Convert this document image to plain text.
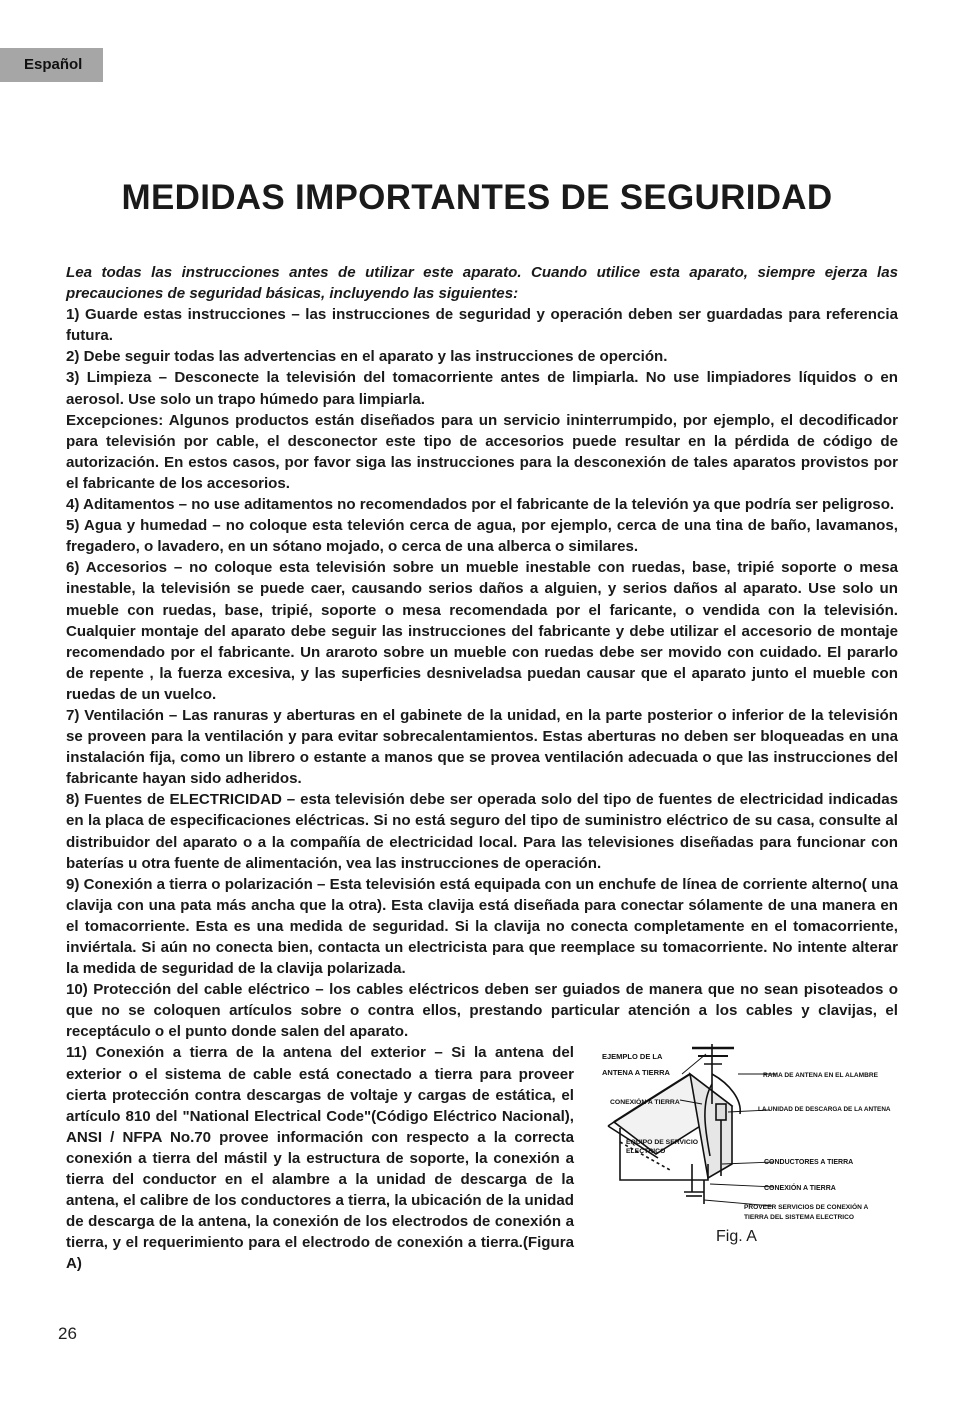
Español
MEDIDAS IMPORTANTES DE SEGURIDAD

Lea todas las instrucciones antes de utilizar este aparato. Cuando utilice esta aparato, siempre ejerza las precauciones de seguridad básicas, incluyendo las siguientes:

1) Guarde estas instrucciones – las instrucciones de seguridad y operación deben ser guardadas para referencia futura.

2) Debe seguir todas las advertencias en el aparato y las instrucciones de operción.

3) Limpieza – Desconecte la televisión del tomacorriente antes de limpiarla. No use limpiadores líquidos o en aerosol. Use solo un trapo húmedo para limpiarla.

Excepciones: Algunos productos están diseñados para un servicio ininterrumpido, por ejemplo, el decodificador para televisión por cable, el desconector este tipo de accesorios puede resultar en la pérdida de código de autorización. En estos casos, por favor siga las instrucciones para la desconexión de tales aparatos provistos por el fabricante de los accesorios.

4) Aditamentos – no use aditamentos no recomendados por el fabricante de la televión ya que podría ser peligroso.

5) Agua y humedad – no coloque esta televión cerca de agua, por ejemplo, cerca de una tina de baño, lavamanos, fregadero, o lavadero, en un sótano mojado, o cerca de una alberca o similares.

6) Accesorios – no coloque esta televisión sobre un mueble inestable con ruedas, base, tripié soporte o mesa inestable, la televisión se puede caer, causando serios daños a alguien, y serios daños al aparato. Use solo un mueble con ruedas, base, tripié, soporte o mesa recomendada por el faricante, o vendida con la televisión. Cualquier montaje del aparato debe seguir las instrucciones del fabricante y debe utilizar el accesorio de montaje recomendado por el fabricante. Un araroto sobre un mueble con ruedas debe ser movido con cuidado. El pararlo de repente , la fuerza excesiva, y las superficies desniveladsa puedan causar que el aparato junto el mueble con ruedas de un vuelco.

7) Ventilación – Las ranuras y aberturas en el gabinete de la unidad, en la parte posterior o inferior de la televisión se proveen para la ventilación y para evitar sobrecalentamientos. Estas aberturas no deben ser bloqueadas en una instalación fija, como un librero o estante a manos que se provea ventilación adecuada o que las instrucciones del fabricante hayan sido adheridos.

8) Fuentes de ELECTRICIDAD – esta televisión debe ser operada solo del tipo de fuentes de electricidad indicadas en la placa de especificaciones eléctricas. Si no está seguro del tipo de suministro eléctrico de su casa, consulte al distribuidor del aparato o a la compañía de electricidad local. Para las televisiones diseñadas para funcionar con baterías u otra fuente de alimentación, vea las instrucciones de operación.

9) Conexión a tierra o polarización – Esta televisión está equipada con un enchufe de línea de corriente alterno( una clavija con una pata más ancha que la otra). Esta clavija está diseñada para conectar sólamente de una manera en el tomacorriente. Esta es una medida de seguridad. Si la clavija no conecta completamente en el tomacorriente, inviértala. Si aún no conecta bien, contacta un electricista para que reemplace su tomacorriente. No intente alterar la medida de seguridad de la clavija polarizada.

10) Protección del cable eléctrico – los cables eléctricos deben ser guiados de manera que no sean pisoteados o que no se coloquen artículos sobre o contra ellos, prestando particular atención a los cables y clavijas, el receptáculo o el punto donde salen del aparato.

11) Conexión a tierra de la antena del exterior – Si la antena del exterior o el sistema de cable está conectado a tierra para proveer cierta protección contra descargas de voltaje y cargas de estática, el artículo 810 del "National Electrical Code"(Código Eléctrico Nacional), ANSI / NFPA No.70 provee información con respecto a la correcta conexión a tierra del mástil y la estructura de soporte, la conexión a tierra del conductor en el alambre a la unidad de descarga de la antena, el calibre de los conductores a tierra, la ubicación de la unidad de descarga de la antena, la conexión de los electrodos de conexión a tierra, y el requerimiento para el electrodo de conexión a tierra.(Figura A)

EJEMPLO DE LA
ANTENA A TIERRA
CONEXIÓN A TIERRA
EQUIPO DE SERVICIO
ELECTRICO
RAMA DE ANTENA EN EL ALAMBRE
LA UNIDAD DE DESCARGA DE LA ANTENA
CONDUCTORES A TIERRA
CONEXIÓN A TIERRA
PROVEER SERVICIOS DE CONEXIÓN A
TIERRA DEL SISTEMA ELECTRICO
Fig. A
26
